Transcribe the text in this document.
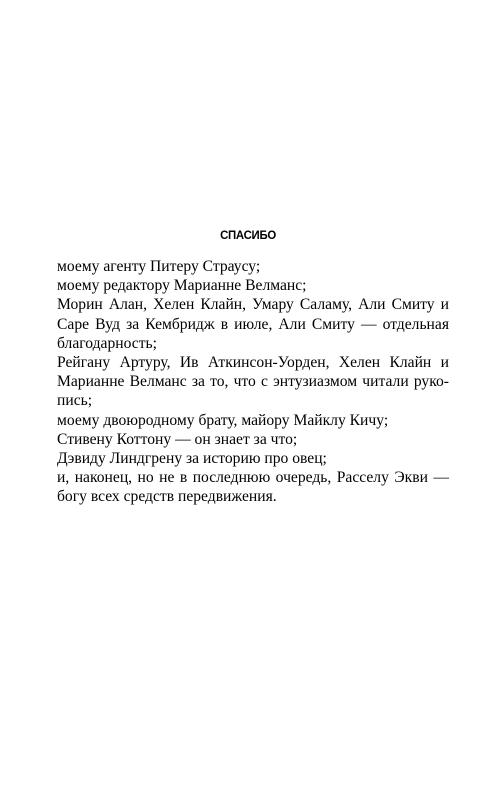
СПАСИБО

моему агенту Питеру Страусу;

моему редактору Марианне Велманс;

Морин Алан, Хелен Клайн, Умару Саламу, Али Смиту и
Саре Вуд за Кембридж в июле, Али Смиту — отдельная
благодарность;

Рейгану Артуру, Ив Аткинсон-Уорден, Хелен Клайн и
Марианне Велманс за то, что с энтузиазмом читали руко-
пись;

моему двоюродному брату, майору Майклу Кичу;

Стивену Коттону — он знает за что;

Дэвиду Линдгрену за историю про овец;

и, наконец, но не в последнюю очередь, Расселу Экви —
богу всех средств передвижения.
